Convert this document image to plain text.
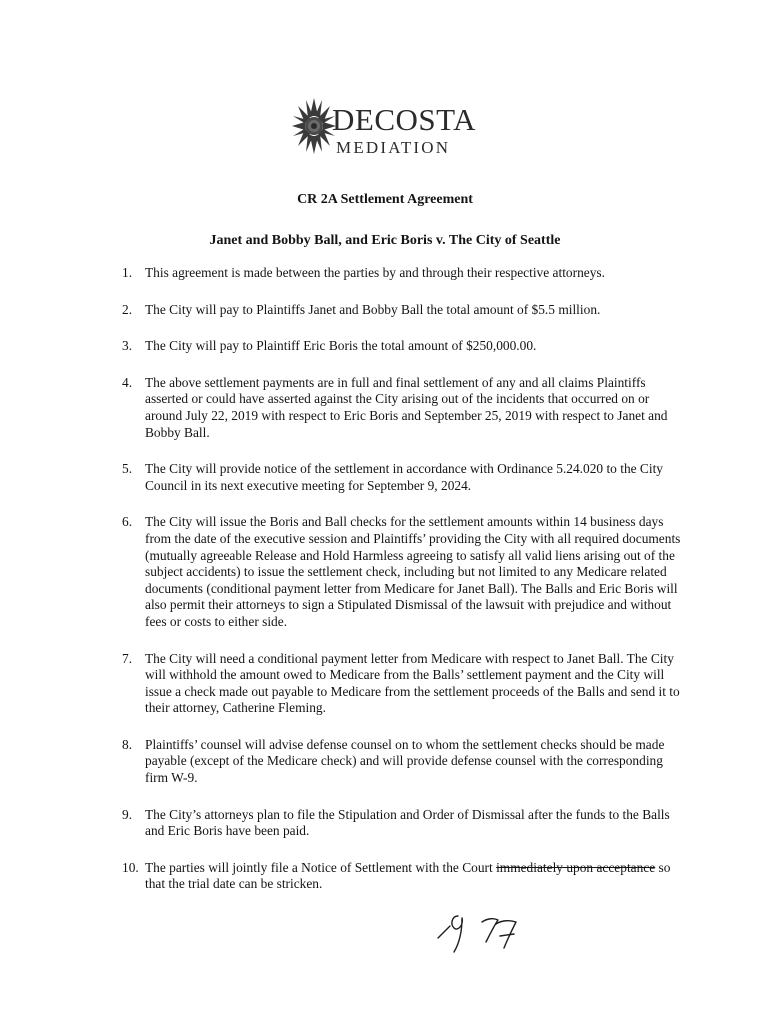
DECOSTA
MEDIATION
CR 2A Settlement Agreement
Janet and Bobby Ball, and Eric Boris v. The City of Seattle
1. This agreement is made between the parties by and through their respective attorneys.
2. The City will pay to Plaintiffs Janet and Bobby Ball the total amount of $5.5 million.
3. The City will pay to Plaintiff Eric Boris the total amount of $250,000.00.
4. The above settlement payments are in full and final settlement of any and all claims Plaintiffs asserted or could have asserted against the City arising out of the incidents that occurred on or around July 22, 2019 with respect to Eric Boris and September 25, 2019 with respect to Janet and Bobby Ball.
5. The City will provide notice of the settlement in accordance with Ordinance 5.24.020 to the City Council in its next executive meeting for September 9, 2024.
6. The City will issue the Boris and Ball checks for the settlement amounts within 14 business days from the date of the executive session and Plaintiffs’ providing the City with all required documents (mutually agreeable Release and Hold Harmless agreeing to satisfy all valid liens arising out of the subject accidents) to issue the settlement check, including but not limited to any Medicare related documents (conditional payment letter from Medicare for Janet Ball). The Balls and Eric Boris will also permit their attorneys to sign a Stipulated Dismissal of the lawsuit with prejudice and without fees or costs to either side.
7. The City will need a conditional payment letter from Medicare with respect to Janet Ball. The City will withhold the amount owed to Medicare from the Balls’ settlement payment and the City will issue a check made out payable to Medicare from the settlement proceeds of the Balls and send it to their attorney, Catherine Fleming.
8. Plaintiffs’ counsel will advise defense counsel on to whom the settlement checks should be made payable (except of the Medicare check) and will provide defense counsel with the corresponding firm W-9.
9. The City’s attorneys plan to file the Stipulation and Order of Dismissal after the funds to the Balls and Eric Boris have been paid.
10. The parties will jointly file a Notice of Settlement with the Court immediately upon acceptance so that the trial date can be stricken.
